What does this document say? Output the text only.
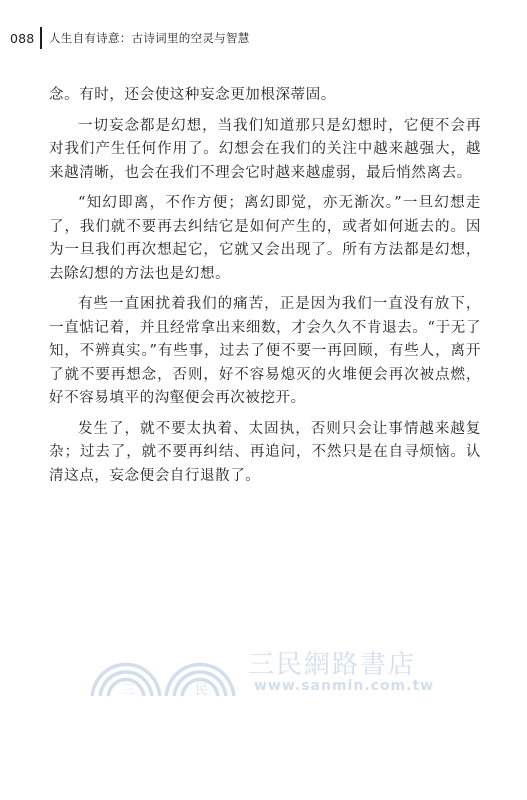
088 人生自有诗意：古诗词里的空灵与智慧

念。有时，还会使这种妄念更加根深蒂固。

一切妄念都是幻想，当我们知道那只是幻想时，它便不会再对我们产生任何作用了。幻想会在我们的关注中越来越强大，越来越清晰，也会在我们不理会它时越来越虚弱，最后悄然离去。

“知幻即离，不作方便；离幻即觉，亦无渐次。”一旦幻想走了，我们就不要再去纠结它是如何产生的，或者如何逝去的。因为一旦我们再次想起它，它就又会出现了。所有方法都是幻想，去除幻想的方法也是幻想。

有些一直困扰着我们的痛苦，正是因为我们一直没有放下，一直惦记着，并且经常拿出来细数，才会久久不肯退去。“于无了知，不辨真实。”有些事，过去了便不要一再回顾，有些人，离开了就不要再想念，否则，好不容易熄灭的火堆便会再次被点燃，好不容易填平的沟壑便会再次被挖开。

发生了，就不要太执着、太固执，否则只会让事情越来越复杂；过去了，就不要再纠结、再追问，不然只是在自寻烦恼。认清这点，妄念便会自行退散了。

三	民
三民網路書店
www.sanmin.com.tw
